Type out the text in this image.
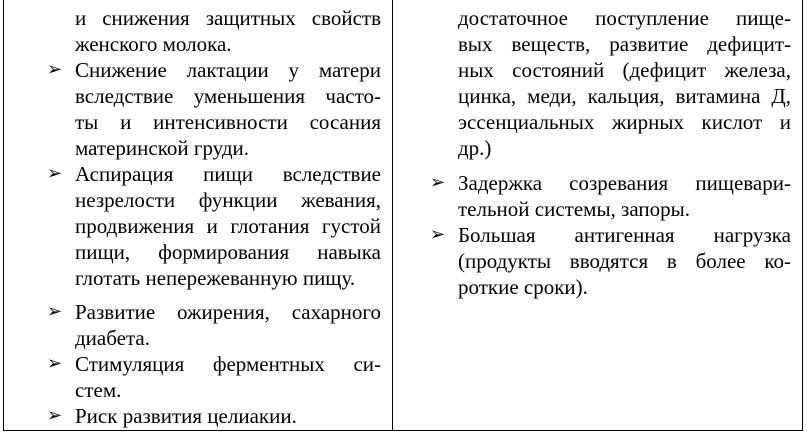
и снижения защитных свойств
женского молока.
➢ Снижение лактации у матери
вследствие уменьшения часто-
ты и интенсивности сосания
материнской груди.
➢ Аспирация пищи вследствие
незрелости функции жевания,
продвижения и глотания густой
пищи, формирования навыка
глотать непережеванную пищу.
➢ Развитие ожирения, сахарного
диабета.
➢ Стимуляция ферментных си-
стем.
➢ Риск развития целиакии.
достаточное поступление пище-
вых веществ, развитие дефицит-
ных состояний (дефицит железа,
цинка, меди, кальция, витамина Д,
эссенциальных жирных кислот и
др.)
➢ Задержка созревания пищевари-
тельной системы, запоры.
➢ Большая антигенная нагрузка
(продукты вводятся в более ко-
роткие сроки).
